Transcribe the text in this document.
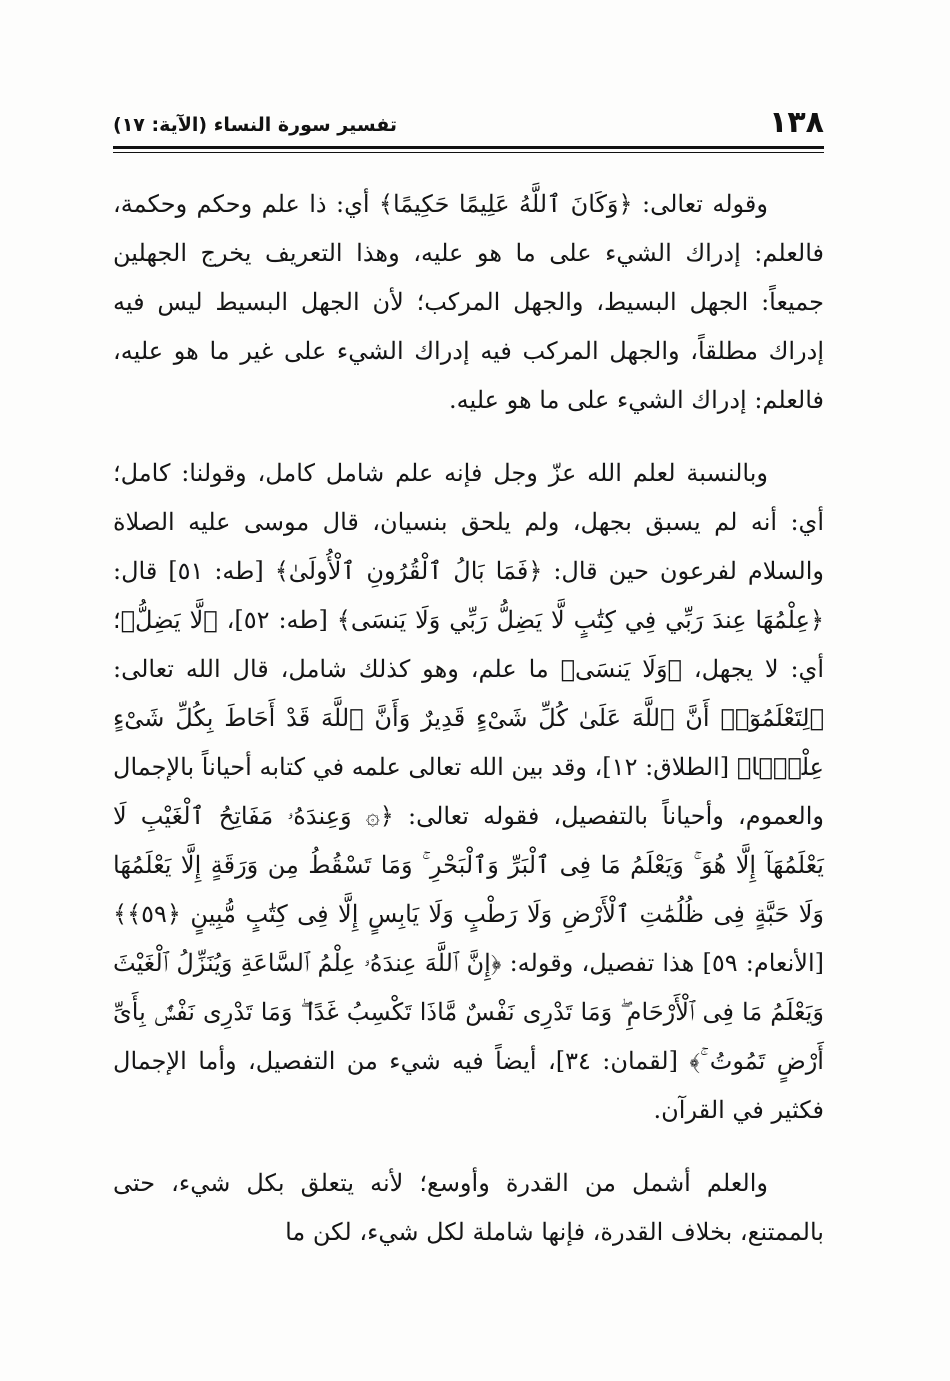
١٣٨
تفسير سورة النساء (الآية: ١٧)

وقوله تعالى: ﴿وَكَانَ ٱللَّهُ عَلِيمًا حَكِيمًا﴾ أي: ذا علم وحكم وحكمة، فالعلم: إدراك الشيء على ما هو عليه، وهذا التعريف يخرج الجهلين جميعاً: الجهل البسيط، والجهل المركب؛ لأن الجهل البسيط ليس فيه إدراك مطلقاً، والجهل المركب فيه إدراك الشيء على غير ما هو عليه، فالعلم: إدراك الشيء على ما هو عليه.

وبالنسبة لعلم الله عزّ وجل فإنه علم شامل كامل، وقولنا: كامل؛ أي: أنه لم يسبق بجهل، ولم يلحق بنسيان، قال موسى عليه الصلاة والسلام لفرعون حين قال: ﴿فَمَا بَالُ ٱلْقُرُونِ ٱلْأُولَىٰ﴾ [طه: ٥١] قال: ﴿عِلْمُهَا عِندَ رَبِّي فِي كِتَٰبٍ لَّا يَضِلُّ رَبِّي وَلَا يَنسَى﴾ [طه: ٥٢]، ﴿لَّا يَضِلُّ﴾؛ أي: لا يجهل، ﴿وَلَا يَنسَى﴾ ما علم، وهو كذلك شامل، قال الله تعالى: ﴿لِتَعْلَمُوٓا۟ أَنَّ ٱللَّهَ عَلَىٰ كُلِّ شَىْءٍ قَدِيرٌ وَأَنَّ ٱللَّهَ قَدْ أَحَاطَ بِكُلِّ شَىْءٍ عِلْمًۢا﴾ [الطلاق: ١٢]، وقد بين الله تعالى علمه في كتابه أحياناً بالإجمال والعموم، وأحياناً بالتفصيل، فقوله تعالى: ﴿۞ وَعِندَهُۥ مَفَاتِحُ ٱلْغَيْبِ لَا يَعْلَمُهَآ إِلَّا هُوَ ۚ وَيَعْلَمُ مَا فِى ٱلْبَرِّ وَٱلْبَحْرِ ۚ وَمَا تَسْقُطُ مِن وَرَقَةٍ إِلَّا يَعْلَمُهَا وَلَا حَبَّةٍ فِى ظُلُمَٰتِ ٱلْأَرْضِ وَلَا رَطْبٍ وَلَا يَابِسٍ إِلَّا فِى كِتَٰبٍ مُّبِينٍ ﴿٥٩﴾﴾ [الأنعام: ٥٩] هذا تفصيل، وقوله: ﴿إِنَّ ٱللَّهَ عِندَهُۥ عِلْمُ ٱلسَّاعَةِ وَيُنَزِّلُ ٱلْغَيْثَ وَيَعْلَمُ مَا فِى ٱلْأَرْحَامِ ۖ وَمَا تَدْرِى نَفْسٌ مَّاذَا تَكْسِبُ غَدًا ۖ وَمَا تَدْرِى نَفْسٌۢ بِأَىِّ أَرْضٍ تَمُوتُ ۚ﴾ [لقمان: ٣٤]، أيضاً فيه شيء من التفصيل، وأما الإجمال فكثير في القرآن.

والعلم أشمل من القدرة وأوسع؛ لأنه يتعلق بكل شيء، حتى بالممتنع، بخلاف القدرة، فإنها شاملة لكل شيء، لكن ما
